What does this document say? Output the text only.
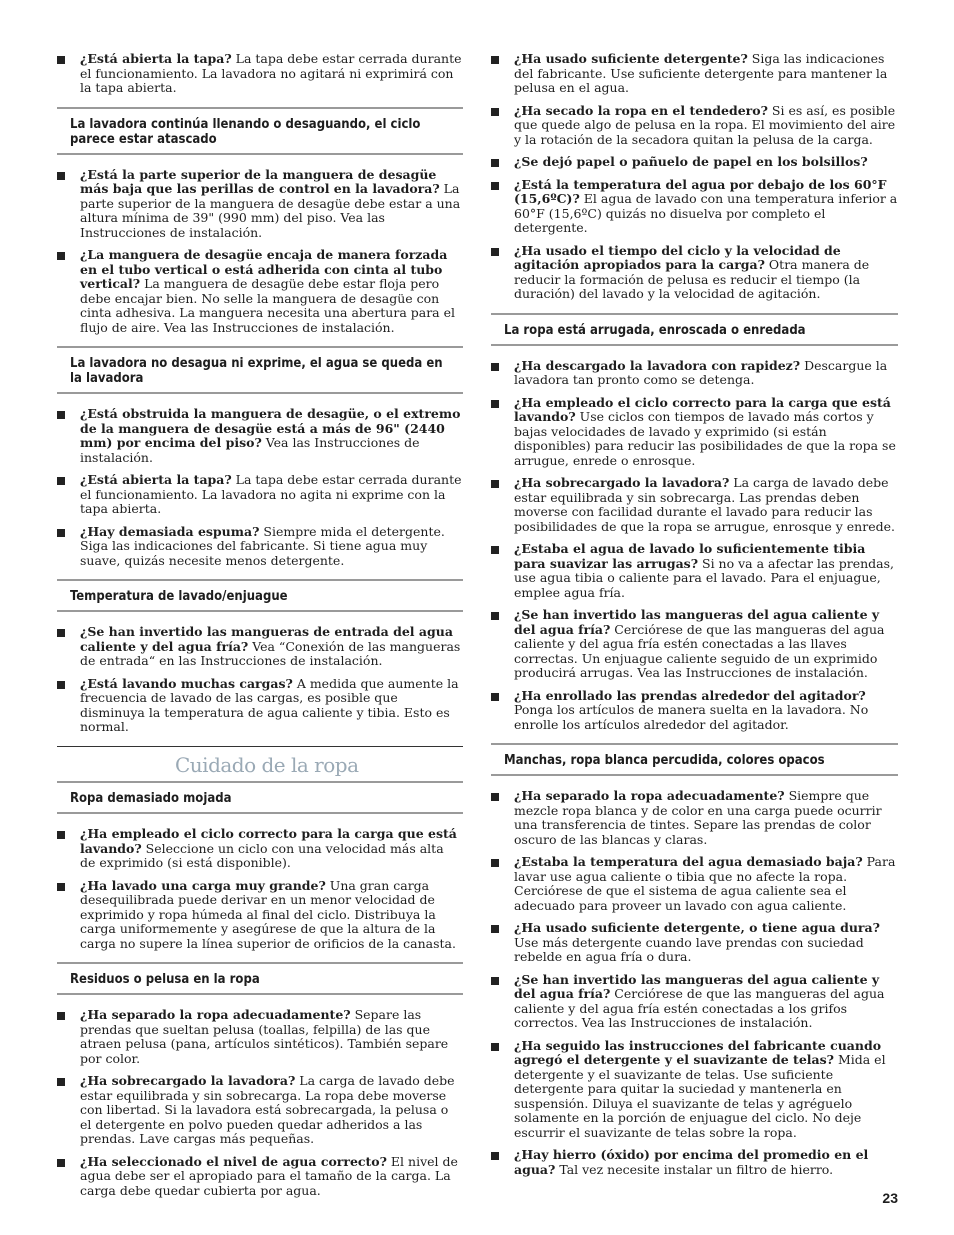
¿Está abierta la tapa? La tapa debe estar cerrada durante el funcionamiento. La lavadora no agitará ni exprimirá con la tapa abierta.
La lavadora continúa llenando o desaguando, el ciclo parece estar atascado
¿Está la parte superior de la manguera de desagüe más baja que las perillas de control en la lavadora? La parte superior de la manguera de desagüe debe estar a una altura mínima de 39" (990 mm) del piso. Vea las Instrucciones de instalación.
¿La manguera de desagüe encaja de manera forzada en el tubo vertical o está adherida con cinta al tubo vertical? La manguera de desagüe debe estar floja pero debe encajar bien. No selle la manguera de desagüe con cinta adhesiva. La manguera necesita una abertura para el flujo de aire. Vea las Instrucciones de instalación.
La lavadora no desagua ni exprime, el agua se queda en la lavadora
¿Está obstruida la manguera de desagüe, o el extremo de la manguera de desagüe está a más de 96" (2440 mm) por encima del piso? Vea las Instrucciones de instalación.
¿Está abierta la tapa? La tapa debe estar cerrada durante el funcionamiento. La lavadora no agita ni exprime con la tapa abierta.
¿Hay demasiada espuma? Siempre mida el detergente. Siga las indicaciones del fabricante. Si tiene agua muy suave, quizás necesite menos detergente.
Temperatura de lavado/enjuague
¿Se han invertido las mangueras de entrada del agua caliente y del agua fría? Vea “Conexión de las mangueras de entrada“ en las Instrucciones de instalación.
¿Está lavando muchas cargas? A medida que aumente la frecuencia de lavado de las cargas, es posible que disminuya la temperatura de agua caliente y tibia. Esto es normal.
Cuidado de la ropa
Ropa demasiado mojada
¿Ha empleado el ciclo correcto para la carga que está lavando? Seleccione un ciclo con una velocidad más alta de exprimido (si está disponible).
¿Ha lavado una carga muy grande? Una gran carga desequilibrada puede derivar en un menor velocidad de exprimido y ropa húmeda al final del ciclo. Distribuya la carga uniformemente y asegúrese de que la altura de la carga no supere la línea superior de orificios de la canasta.
Residuos o pelusa en la ropa
¿Ha separado la ropa adecuadamente? Separe las prendas que sueltan pelusa (toallas, felpilla) de las que atraen pelusa (pana, artículos sintéticos). También separe por color.
¿Ha sobrecargado la lavadora? La carga de lavado debe estar equilibrada y sin sobrecarga. La ropa debe moverse con libertad. Si la lavadora está sobrecargada, la pelusa o el detergente en polvo pueden quedar adheridos a las prendas. Lave cargas más pequeñas.
¿Ha seleccionado el nivel de agua correcto? El nivel de agua debe ser el apropiado para el tamaño de la carga. La carga debe quedar cubierta por agua.
¿Ha usado suficiente detergente? Siga las indicaciones del fabricante. Use suficiente detergente para mantener la pelusa en el agua.
¿Ha secado la ropa en el tendedero? Si es así, es posible que quede algo de pelusa en la ropa. El movimiento del aire y la rotación de la secadora quitan la pelusa de la carga.
¿Se dejó papel o pañuelo de papel en los bolsillos?
¿Está la temperatura del agua por debajo de los 60°F (15,6ºC)? El agua de lavado con una temperatura inferior a 60°F (15,6ºC) quizás no disuelva por completo el detergente.
¿Ha usado el tiempo del ciclo y la velocidad de agitación apropiados para la carga? Otra manera de reducir la formación de pelusa es reducir el tiempo (la duración) del lavado y la velocidad de agitación.
La ropa está arrugada, enroscada o enredada
¿Ha descargado la lavadora con rapidez? Descargue la lavadora tan pronto como se detenga.
¿Ha empleado el ciclo correcto para la carga que está lavando? Use ciclos con tiempos de lavado más cortos y bajas velocidades de lavado y exprimido (si están disponibles) para reducir las posibilidades de que la ropa se arrugue, enrede o enrosque.
¿Ha sobrecargado la lavadora? La carga de lavado debe estar equilibrada y sin sobrecarga. Las prendas deben moverse con facilidad durante el lavado para reducir las posibilidades de que la ropa se arrugue, enrosque y enrede.
¿Estaba el agua de lavado lo suficientemente tibia para suavizar las arrugas? Si no va a afectar las prendas, use agua tibia o caliente para el lavado. Para el enjuague, emplee agua fría.
¿Se han invertido las mangueras del agua caliente y del agua fría? Cerciórese de que las mangueras del agua caliente y del agua fría estén conectadas a las llaves correctas. Un enjuague caliente seguido de un exprimido producirá arrugas. Vea las Instrucciones de instalación.
¿Ha enrollado las prendas alrededor del agitador? Ponga los artículos de manera suelta en la lavadora. No enrolle los artículos alrededor del agitador.
Manchas, ropa blanca percudida, colores opacos
¿Ha separado la ropa adecuadamente? Siempre que mezcle ropa blanca y de color en una carga puede ocurrir una transferencia de tintes. Separe las prendas de color oscuro de las blancas y claras.
¿Estaba la temperatura del agua demasiado baja? Para lavar use agua caliente o tibia que no afecte la ropa. Cerciórese de que el sistema de agua caliente sea el adecuado para proveer un lavado con agua caliente.
¿Ha usado suficiente detergente, o tiene agua dura? Use más detergente cuando lave prendas con suciedad rebelde en agua fría o dura.
¿Se han invertido las mangueras del agua caliente y del agua fría? Cerciórese de que las mangueras del agua caliente y del agua fría estén conectadas a los grifos correctos. Vea las Instrucciones de instalación.
¿Ha seguido las instrucciones del fabricante cuando agregó el detergente y el suavizante de telas? Mida el detergente y el suavizante de telas. Use suficiente detergente para quitar la suciedad y mantenerla en suspensión. Diluya el suavizante de telas y agréguelo solamente en la porción de enjuague del ciclo. No deje escurrir el suavizante de telas sobre la ropa.
¿Hay hierro (óxido) por encima del promedio en el agua? Tal vez necesite instalar un filtro de hierro.
23
